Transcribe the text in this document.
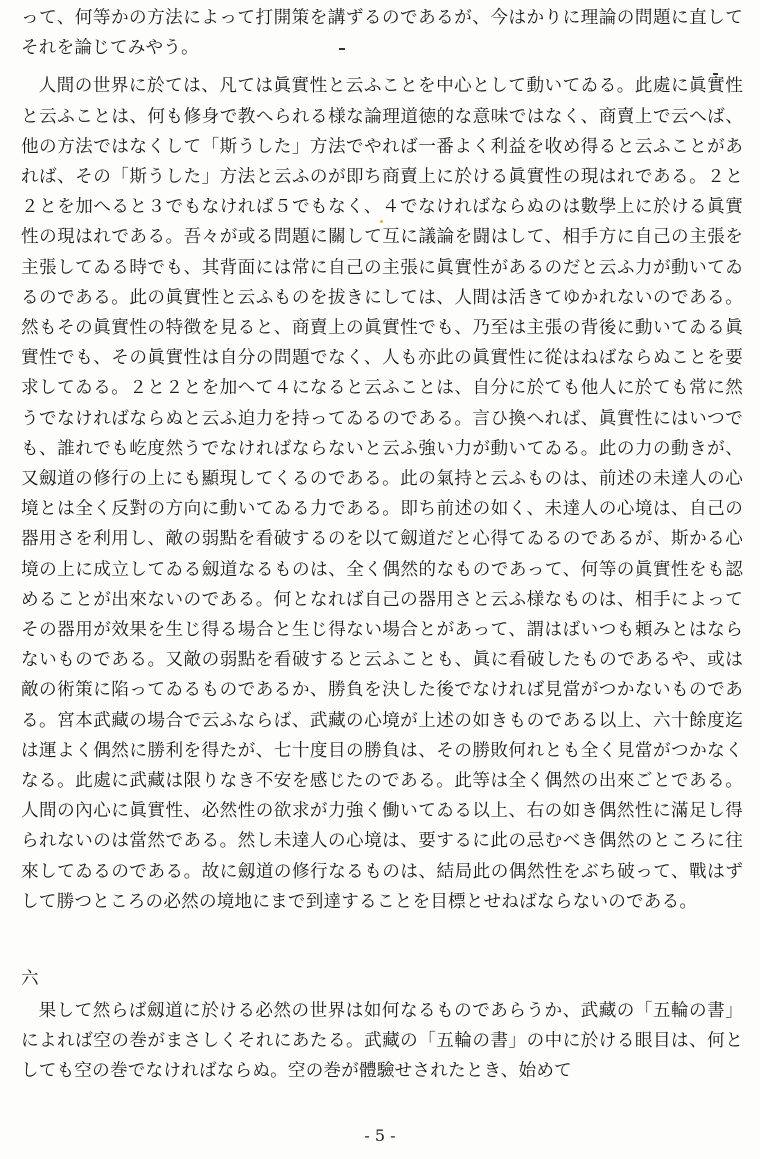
って、何等かの方法によって打開策を講ずるのであるが、今はかりに理論の問題に直してそれを論じてみやう。

人間の世界に於ては、凡ては眞實性と云ふことを中心として動いてゐる。此處に眞實性と云ふことは、何も修身で教へられる様な論理道徳的な意味ではなく、商賣上で云へば、他の方法ではなくして「斯うした」方法でやれば一番よく利益を收め得ると云ふことがあれば、その「斯うした」方法と云ふのが即ち商賣上に於ける眞實性の現はれである。２と２とを加へると３でもなければ５でもなく、４でなければならぬのは數學上に於ける眞實性の現はれである。吾々が或る問題に關して互に議論を闘はして、相手方に自己の主張を主張してゐる時でも、其背面には常に自己の主張に眞實性があるのだと云ふ力が動いてゐるのである。此の眞實性と云ふものを拔きにしては、人間は活きてゆかれないのである。然もその眞實性の特徴を見ると、商賣上の眞實性でも、乃至は主張の背後に動いてゐる眞實性でも、その眞實性は自分の問題でなく、人も亦此の眞實性に從はねばならぬことを要求してゐる。２と２とを加へて４になると云ふことは、自分に於ても他人に於ても常に然うでなければならぬと云ふ迫力を持ってゐるのである。言ひ換へれば、眞實性にはいつでも、誰れでも屹度然うでなければならないと云ふ強い力が動いてゐる。此の力の動きが、又劔道の修行の上にも顯現してくるのである。此の氣持と云ふものは、前述の未達人の心境とは全く反對の方向に動いてゐる力である。即ち前述の如く、未達人の心境は、自己の器用さを利用し、敵の弱點を看破するのを以て劔道だと心得てゐるのであるが、斯かる心境の上に成立してゐる劔道なるものは、全く偶然的なものであって、何等の眞實性をも認めることが出來ないのである。何となれば自己の器用さと云ふ様なものは、相手によってその器用が效果を生じ得る場合と生じ得ない場合とがあって、謂はばいつも頼みとはならないものである。又敵の弱點を看破すると云ふことも、眞に看破したものであるや、或は敵の術策に陷ってゐるものであるか、勝負を決した後でなければ見當がつかないものである。宮本武藏の場合で云ふならば、武藏の心境が上述の如きものである以上、六十餘度迄は運よく偶然に勝利を得たが、七十度目の勝負は、その勝敗何れとも全く見當がつかなくなる。此處に武藏は限りなき不安を感じたのである。此等は全く偶然の出來ごとである。人間の內心に眞實性、必然性の欲求が力強く働いてゐる以上、右の如き偶然性に滿足し得られないのは當然である。然し未達人の心境は、要するに此の忌むべき偶然のところに往來してゐるのである。故に劔道の修行なるものは、結局此の偶然性をぶち破って、戰はずして勝つところの必然の境地にまで到達することを目標とせねばならないのである。

六

果して然らば劔道に於ける必然の世界は如何なるものであらうか、武藏の「五輪の書」によれば空の巻がまさしくそれにあたる。武藏の「五輪の書」の中に於ける眼目は、何としても空の巻でなければならぬ。空の巻が體驗せされたとき、始めて

- 5 -
